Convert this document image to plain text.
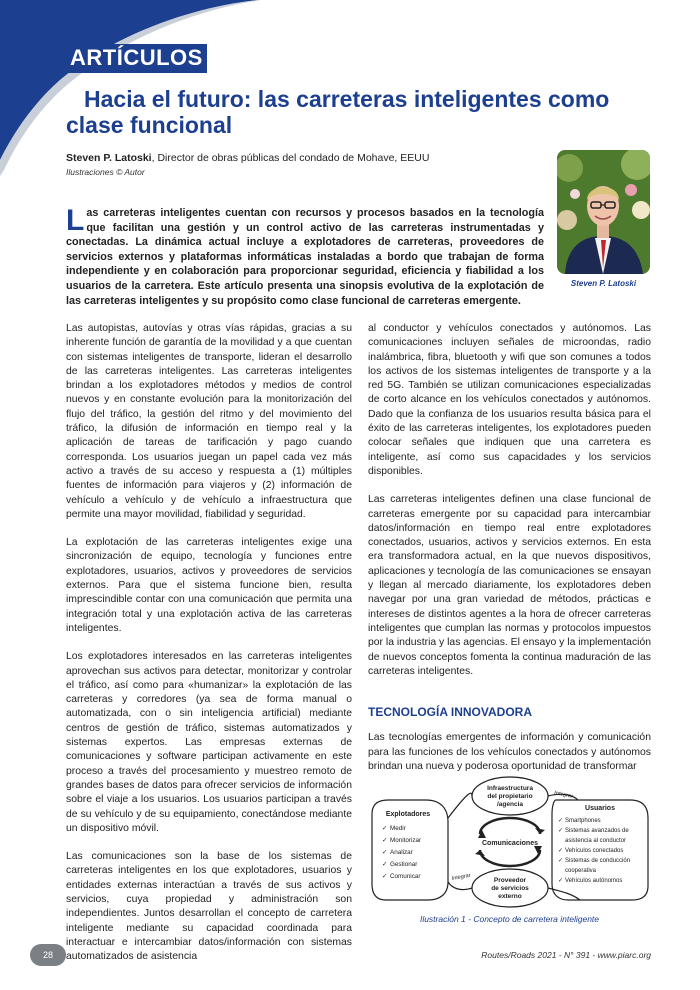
ARTÍCULOS
Hacia el futuro: las carreteras inteligentes como clase funcional
Steven P. Latoski, Director de obras públicas del condado de Mohave, EEUU
Ilustraciones © Autor
Steven P. Latoski

Las carreteras inteligentes cuentan con recursos y procesos basados en la tecnología que facilitan una gestión y un control activo de las carreteras instrumentadas y conectadas. La dinámica actual incluye a explotadores de carreteras, proveedores de servicios externos y plataformas informáticas instaladas a bordo que trabajan de forma independiente y en colaboración para proporcionar seguridad, eficiencia y fiabilidad a los usuarios de la carretera. Este artículo presenta una sinopsis evolutiva de la explotación de las carreteras inteligentes y su propósito como clase funcional de carreteras emergente.

Las autopistas, autovías y otras vías rápidas, gracias a su inherente función de garantía de la movilidad y a que cuentan con sistemas inteligentes de transporte, lideran el desarrollo de las carreteras inteligentes. Las carreteras inteligentes brindan a los explotadores métodos y medios de control nuevos y en constante evolución para la monitorización del flujo del tráfico, la gestión del ritmo y del movimiento del tráfico, la difusión de información en tiempo real y la aplicación de tareas de tarificación y pago cuando corresponda. Los usuarios juegan un papel cada vez más activo a través de su acceso y respuesta a (1) múltiples fuentes de información para viajeros y (2) información de vehículo a vehículo y de vehículo a infraestructura que permite una mayor movilidad, fiabilidad y seguridad.

La explotación de las carreteras inteligentes exige una sincronización de equipo, tecnología y funciones entre explotadores, usuarios, activos y proveedores de servicios externos. Para que el sistema funcione bien, resulta imprescindible contar con una comunicación que permita una integración total y una explotación activa de las carreteras inteligentes.

Los explotadores interesados en las carreteras inteligentes aprovechan sus activos para detectar, monitorizar y controlar el tráfico, así como para «humanizar» la explotación de las carreteras y corredores (ya sea de forma manual o automatizada, con o sin inteligencia artificial) mediante centros de gestión de tráfico, sistemas automatizados y sistemas expertos. Las empresas externas de comunicaciones y software participan activamente en este proceso a través del procesamiento y muestreo remoto de grandes bases de datos para ofrecer servicios de información sobre el viaje a los usuarios. Los usuarios participan a través de su vehículo y de su equipamiento, conectándose mediante un dispositivo móvil.

Las comunicaciones son la base de los sistemas de carreteras inteligentes en los que explotadores, usuarios y entidades externas interactúan a través de sus activos y servicios, cuya propiedad y administración son independientes. Juntos desarrollan el concepto de carretera inteligente mediante su capacidad coordinada para interactuar e intercambiar datos/información con sistemas automatizados de asistencia

al conductor y vehículos conectados y autónomos. Las comunicaciones incluyen señales de microondas, radio inalámbrica, fibra, bluetooth y wifi que son comunes a todos los activos de los sistemas inteligentes de transporte y a la red 5G. También se utilizan comunicaciones especializadas de corto alcance en los vehículos conectados y autónomos. Dado que la confianza de los usuarios resulta básica para el éxito de las carreteras inteligentes, los explotadores pueden colocar señales que indiquen que una carretera es inteligente, así como sus capacidades y los servicios disponibles.

Las carreteras inteligentes definen una clase funcional de carreteras emergente por su capacidad para intercambiar datos/información en tiempo real entre explotadores conectados, usuarios, activos y servicios externos. En esta era transformadora actual, en la que nuevos dispositivos, aplicaciones y tecnología de las comunicaciones se ensayan y llegan al mercado diariamente, los explotadores deben navegar por una gran variedad de métodos, prácticas e intereses de distintos agentes a la hora de ofrecer carreteras inteligentes que cumplan las normas y protocolos impuestos por la industria y las agencias. El ensayo y la implementación de nuevos conceptos fomenta la continua maduración de las carreteras inteligentes.

TECNOLOGÍA INNOVADORA

Las tecnologías emergentes de información y comunicación para las funciones de los vehículos conectados y autónomos brindan una nueva y poderosa oportunidad de transformar

Infraestructura
del propietario
/agencia
Comunicaciones
Proveedor
de servicios
externo
Integrar
Integrar
Explotadores
✓ Medir
✓ Monitorizar
✓ Analizar
✓ Gestionar
✓ Comunicar
Usuarios
✓ Smartphones
✓ Sistemas avanzados de
asistencia al conductor
✓ Vehículos conectados
✓ Sistemas de conducción
cooperativa
✓ Vehículos autónomos
Ilustración 1 - Concepto de carretera inteligente
28	Routes/Roads 2021 - N° 391 - www.piarc.org
